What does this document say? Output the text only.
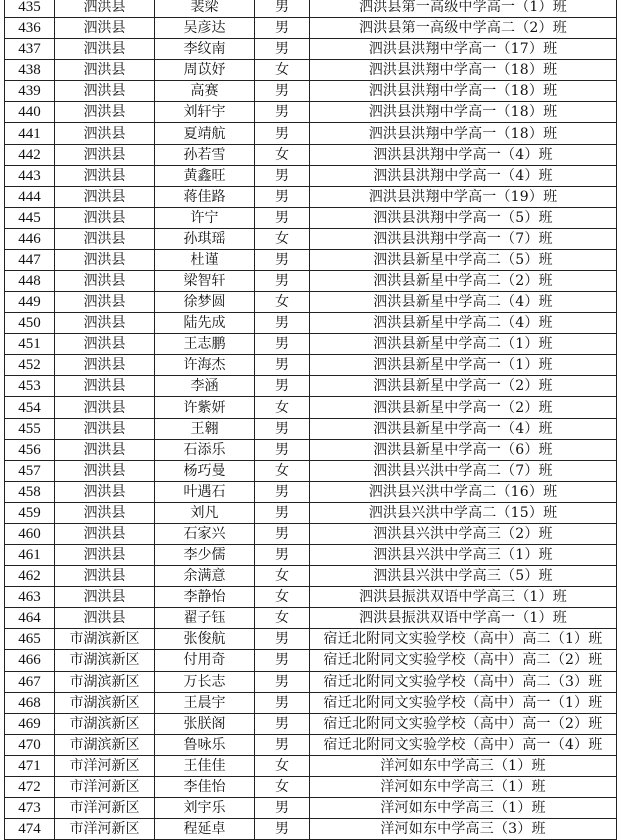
435	泗洪县	裴梁	男	泗洪县第一高级中学高一（1）班
436	泗洪县	吴彦达	男	泗洪县第一高级中学高二（2）班
437	泗洪县	李纹南	男	泗洪县洪翔中学高一（17）班
438	泗洪县	周苡妤	女	泗洪县洪翔中学高一（18）班
439	泗洪县	高赛	男	泗洪县洪翔中学高一（18）班
440	泗洪县	刘轩宇	男	泗洪县洪翔中学高一（18）班
441	泗洪县	夏靖航	男	泗洪县洪翔中学高一（18）班
442	泗洪县	孙若雪	女	泗洪县洪翔中学高一（4）班
443	泗洪县	黄鑫旺	男	泗洪县洪翔中学高一（4）班
444	泗洪县	蒋佳路	男	泗洪县洪翔中学高一（19）班
445	泗洪县	许宁	男	泗洪县洪翔中学高一（5）班
446	泗洪县	孙琪瑶	女	泗洪县洪翔中学高一（7）班
447	泗洪县	杜谨	男	泗洪县新星中学高二（5）班
448	泗洪县	梁智轩	男	泗洪县新星中学高二（2）班
449	泗洪县	徐梦圆	女	泗洪县新星中学高二（4）班
450	泗洪县	陆先成	男	泗洪县新星中学高二（4）班
451	泗洪县	王志鹏	男	泗洪县新星中学高二（1）班
452	泗洪县	许海杰	男	泗洪县新星中学高一（1）班
453	泗洪县	李涵	男	泗洪县新星中学高一（2）班
454	泗洪县	许紫妍	女	泗洪县新星中学高一（2）班
455	泗洪县	王翱	男	泗洪县新星中学高一（4）班
456	泗洪县	石添乐	男	泗洪县新星中学高一（6）班
457	泗洪县	杨巧曼	女	泗洪县兴洪中学高二（7）班
458	泗洪县	叶遇石	男	泗洪县兴洪中学高二（16）班
459	泗洪县	刘凡	男	泗洪县兴洪中学高二（15）班
460	泗洪县	石家兴	男	泗洪县兴洪中学高三（2）班
461	泗洪县	李少儒	男	泗洪县兴洪中学高三（1）班
462	泗洪县	余满意	女	泗洪县兴洪中学高三（5）班
463	泗洪县	李静怡	女	泗洪县振洪双语中学高三（1）班
464	泗洪县	翟子钰	女	泗洪县振洪双语中学高一（1）班
465	市湖滨新区	张俊航	男	宿迁北附同文实验学校（高中）高二（1）班
466	市湖滨新区	付用奇	男	宿迁北附同文实验学校（高中）高二（2）班
467	市湖滨新区	万长志	男	宿迁北附同文实验学校（高中）高二（3）班
468	市湖滨新区	王晨宇	男	宿迁北附同文实验学校（高中）高一（1）班
469	市湖滨新区	张朕阁	男	宿迁北附同文实验学校（高中）高一（2）班
470	市湖滨新区	鲁咏乐	男	宿迁北附同文实验学校（高中）高一（4）班
471	市洋河新区	王佳佳	女	洋河如东中学高三（1）班
472	市洋河新区	李佳怡	女	洋河如东中学高三（1）班
473	市洋河新区	刘宇乐	男	洋河如东中学高三（1）班
474	市洋河新区	程延卓	男	洋河如东中学高三（3）班
